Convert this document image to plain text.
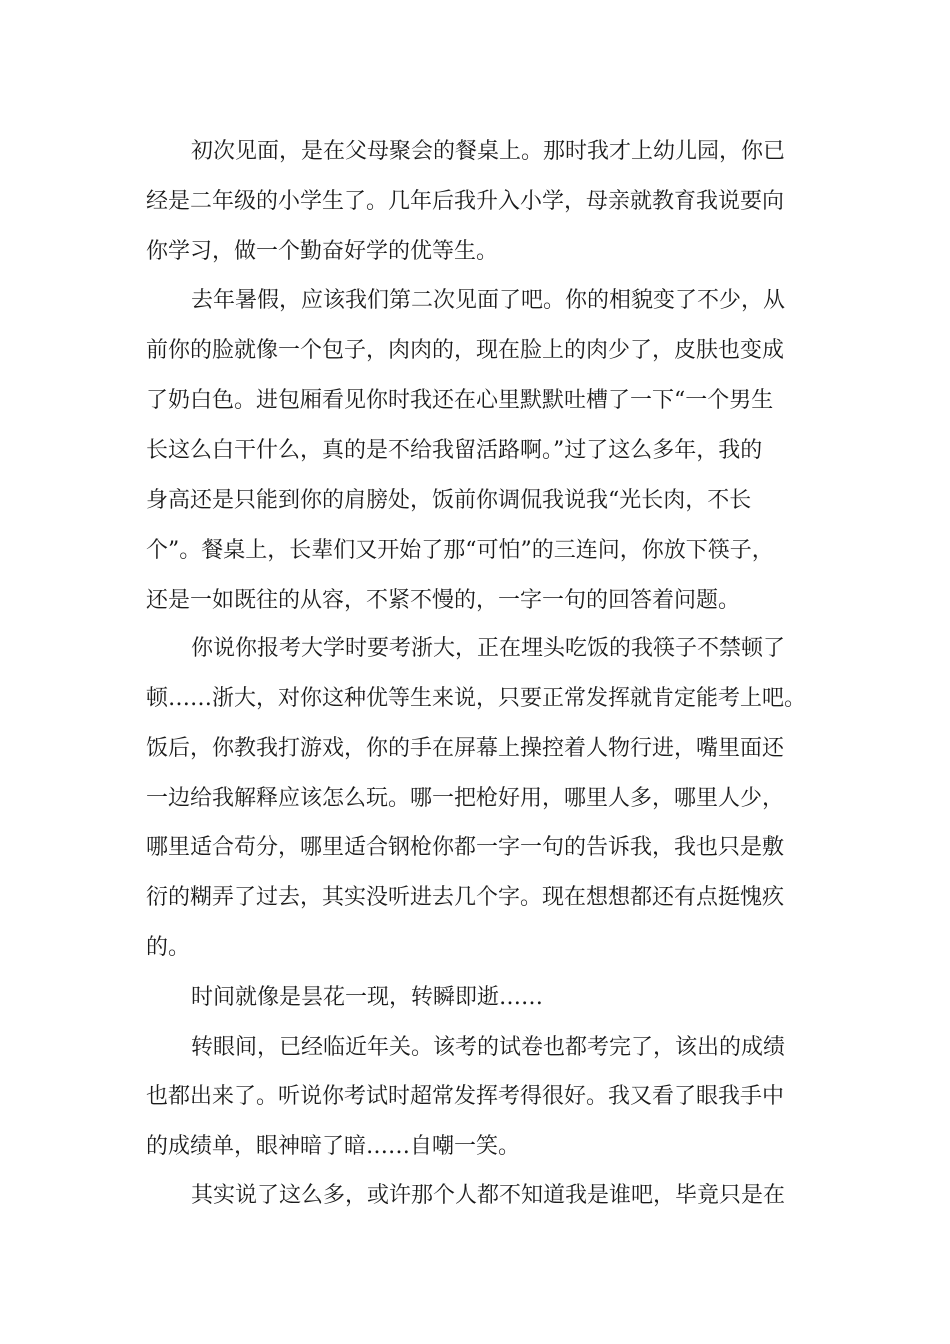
初次见面，是在父母聚会的餐桌上。那时我才上幼儿园，你已
经是二年级的小学生了。几年后我升入小学，母亲就教育我说要向
你学习，做一个勤奋好学的优等生。
去年暑假，应该我们第二次见面了吧。你的相貌变了不少，从
前你的脸就像一个包子，肉肉的，现在脸上的肉少了，皮肤也变成
了奶白色。进包厢看见你时我还在心里默默吐槽了一下“一个男生
长这么白干什么，真的是不给我留活路啊。”过了这么多年，我的
身高还是只能到你的肩膀处，饭前你调侃我说我“光长肉，不长
个”。餐桌上，长辈们又开始了那“可怕”的三连问，你放下筷子，
还是一如既往的从容，不紧不慢的，一字一句的回答着问题。
你说你报考大学时要考浙大，正在埋头吃饭的我筷子不禁顿了
顿……浙大，对你这种优等生来说，只要正常发挥就肯定能考上吧。
饭后，你教我打游戏，你的手在屏幕上操控着人物行进，嘴里面还
一边给我解释应该怎么玩。哪一把枪好用，哪里人多，哪里人少，
哪里适合苟分，哪里适合钢枪你都一字一句的告诉我，我也只是敷
衍的糊弄了过去，其实没听进去几个字。现在想想都还有点挺愧疚
的。
时间就像是昙花一现，转瞬即逝……
转眼间，已经临近年关。该考的试卷也都考完了，该出的成绩
也都出来了。听说你考试时超常发挥考得很好。我又看了眼我手中
的成绩单，眼神暗了暗……自嘲一笑。
其实说了这么多，或许那个人都不知道我是谁吧，毕竟只是在
